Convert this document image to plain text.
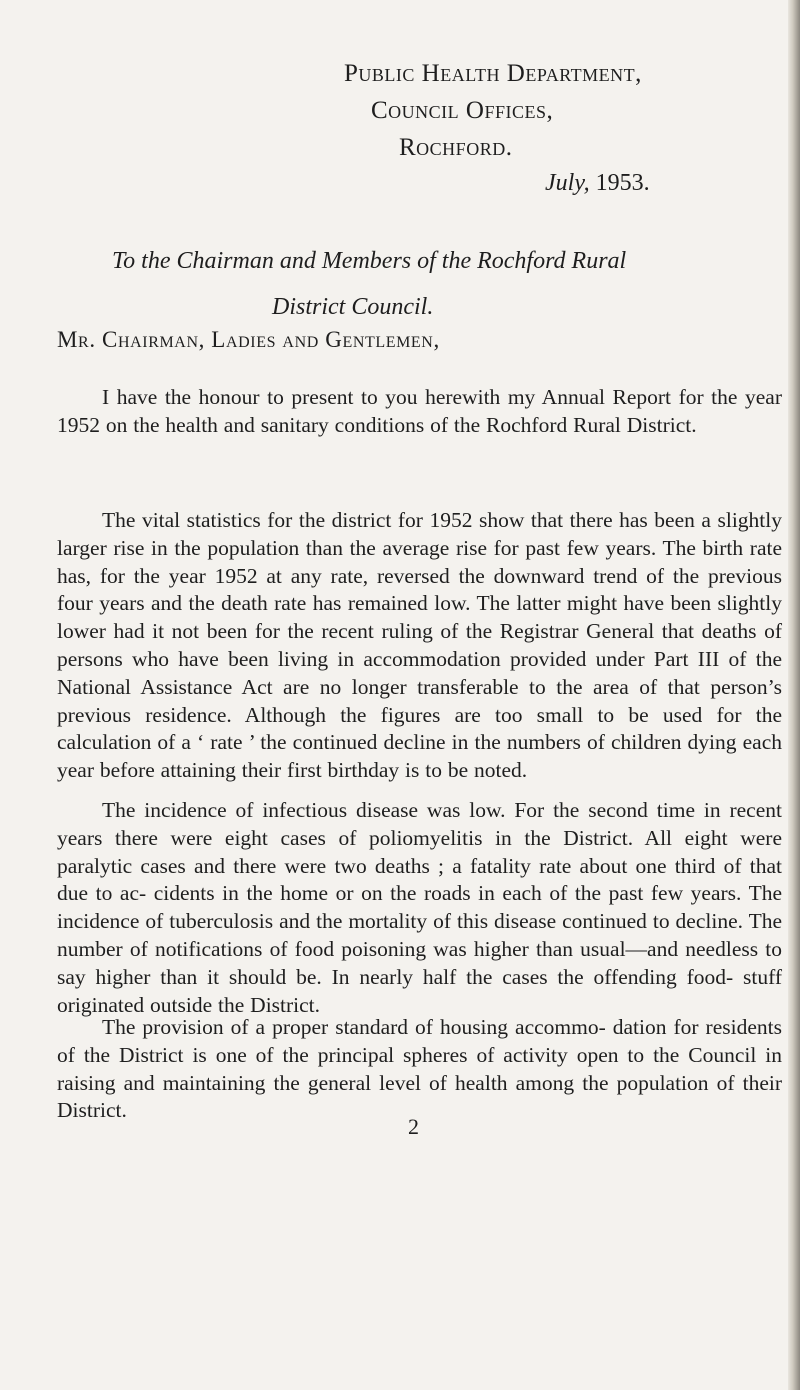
Public Health Department,
Council Offices,
Rochford.
July, 1953.
To the Chairman and Members of the Rochford Rural
District Council.
Mr. Chairman, Ladies and Gentlemen,

I have the honour to present to you herewith my Annual Report for the year 1952 on the health and sanitary conditions of the Rochford Rural District.

The vital statistics for the district for 1952 show that there has been a slightly larger rise in the population than the average rise for past few years. The birth rate has, for the year 1952 at any rate, reversed the downward trend of the previous four years and the death rate has remained low. The latter might have been slightly lower had it not been for the recent ruling of the Registrar General that deaths of persons who have been living in accommodation provided under Part III of the National Assistance Act are no longer transferable to the area of that person’s previous residence. Although the figures are too small to be used for the calculation of a ‘ rate ’ the continued decline in the numbers of children dying each year before attaining their first birthday is to be noted.

The incidence of infectious disease was low. For the second time in recent years there were eight cases of poliomyelitis in the District. All eight were paralytic cases and there were two deaths ; a fatality rate about one third of that due to ac- cidents in the home or on the roads in each of the past few years. The incidence of tuberculosis and the mortality of this disease continued to decline. The number of notifications of food poisoning was higher than usual—and needless to say higher than it should be. In nearly half the cases the offending food- stuff originated outside the District.

The provision of a proper standard of housing accommo- dation for residents of the District is one of the principal spheres of activity open to the Council in raising and maintaining the general level of health among the population of their District.

2
